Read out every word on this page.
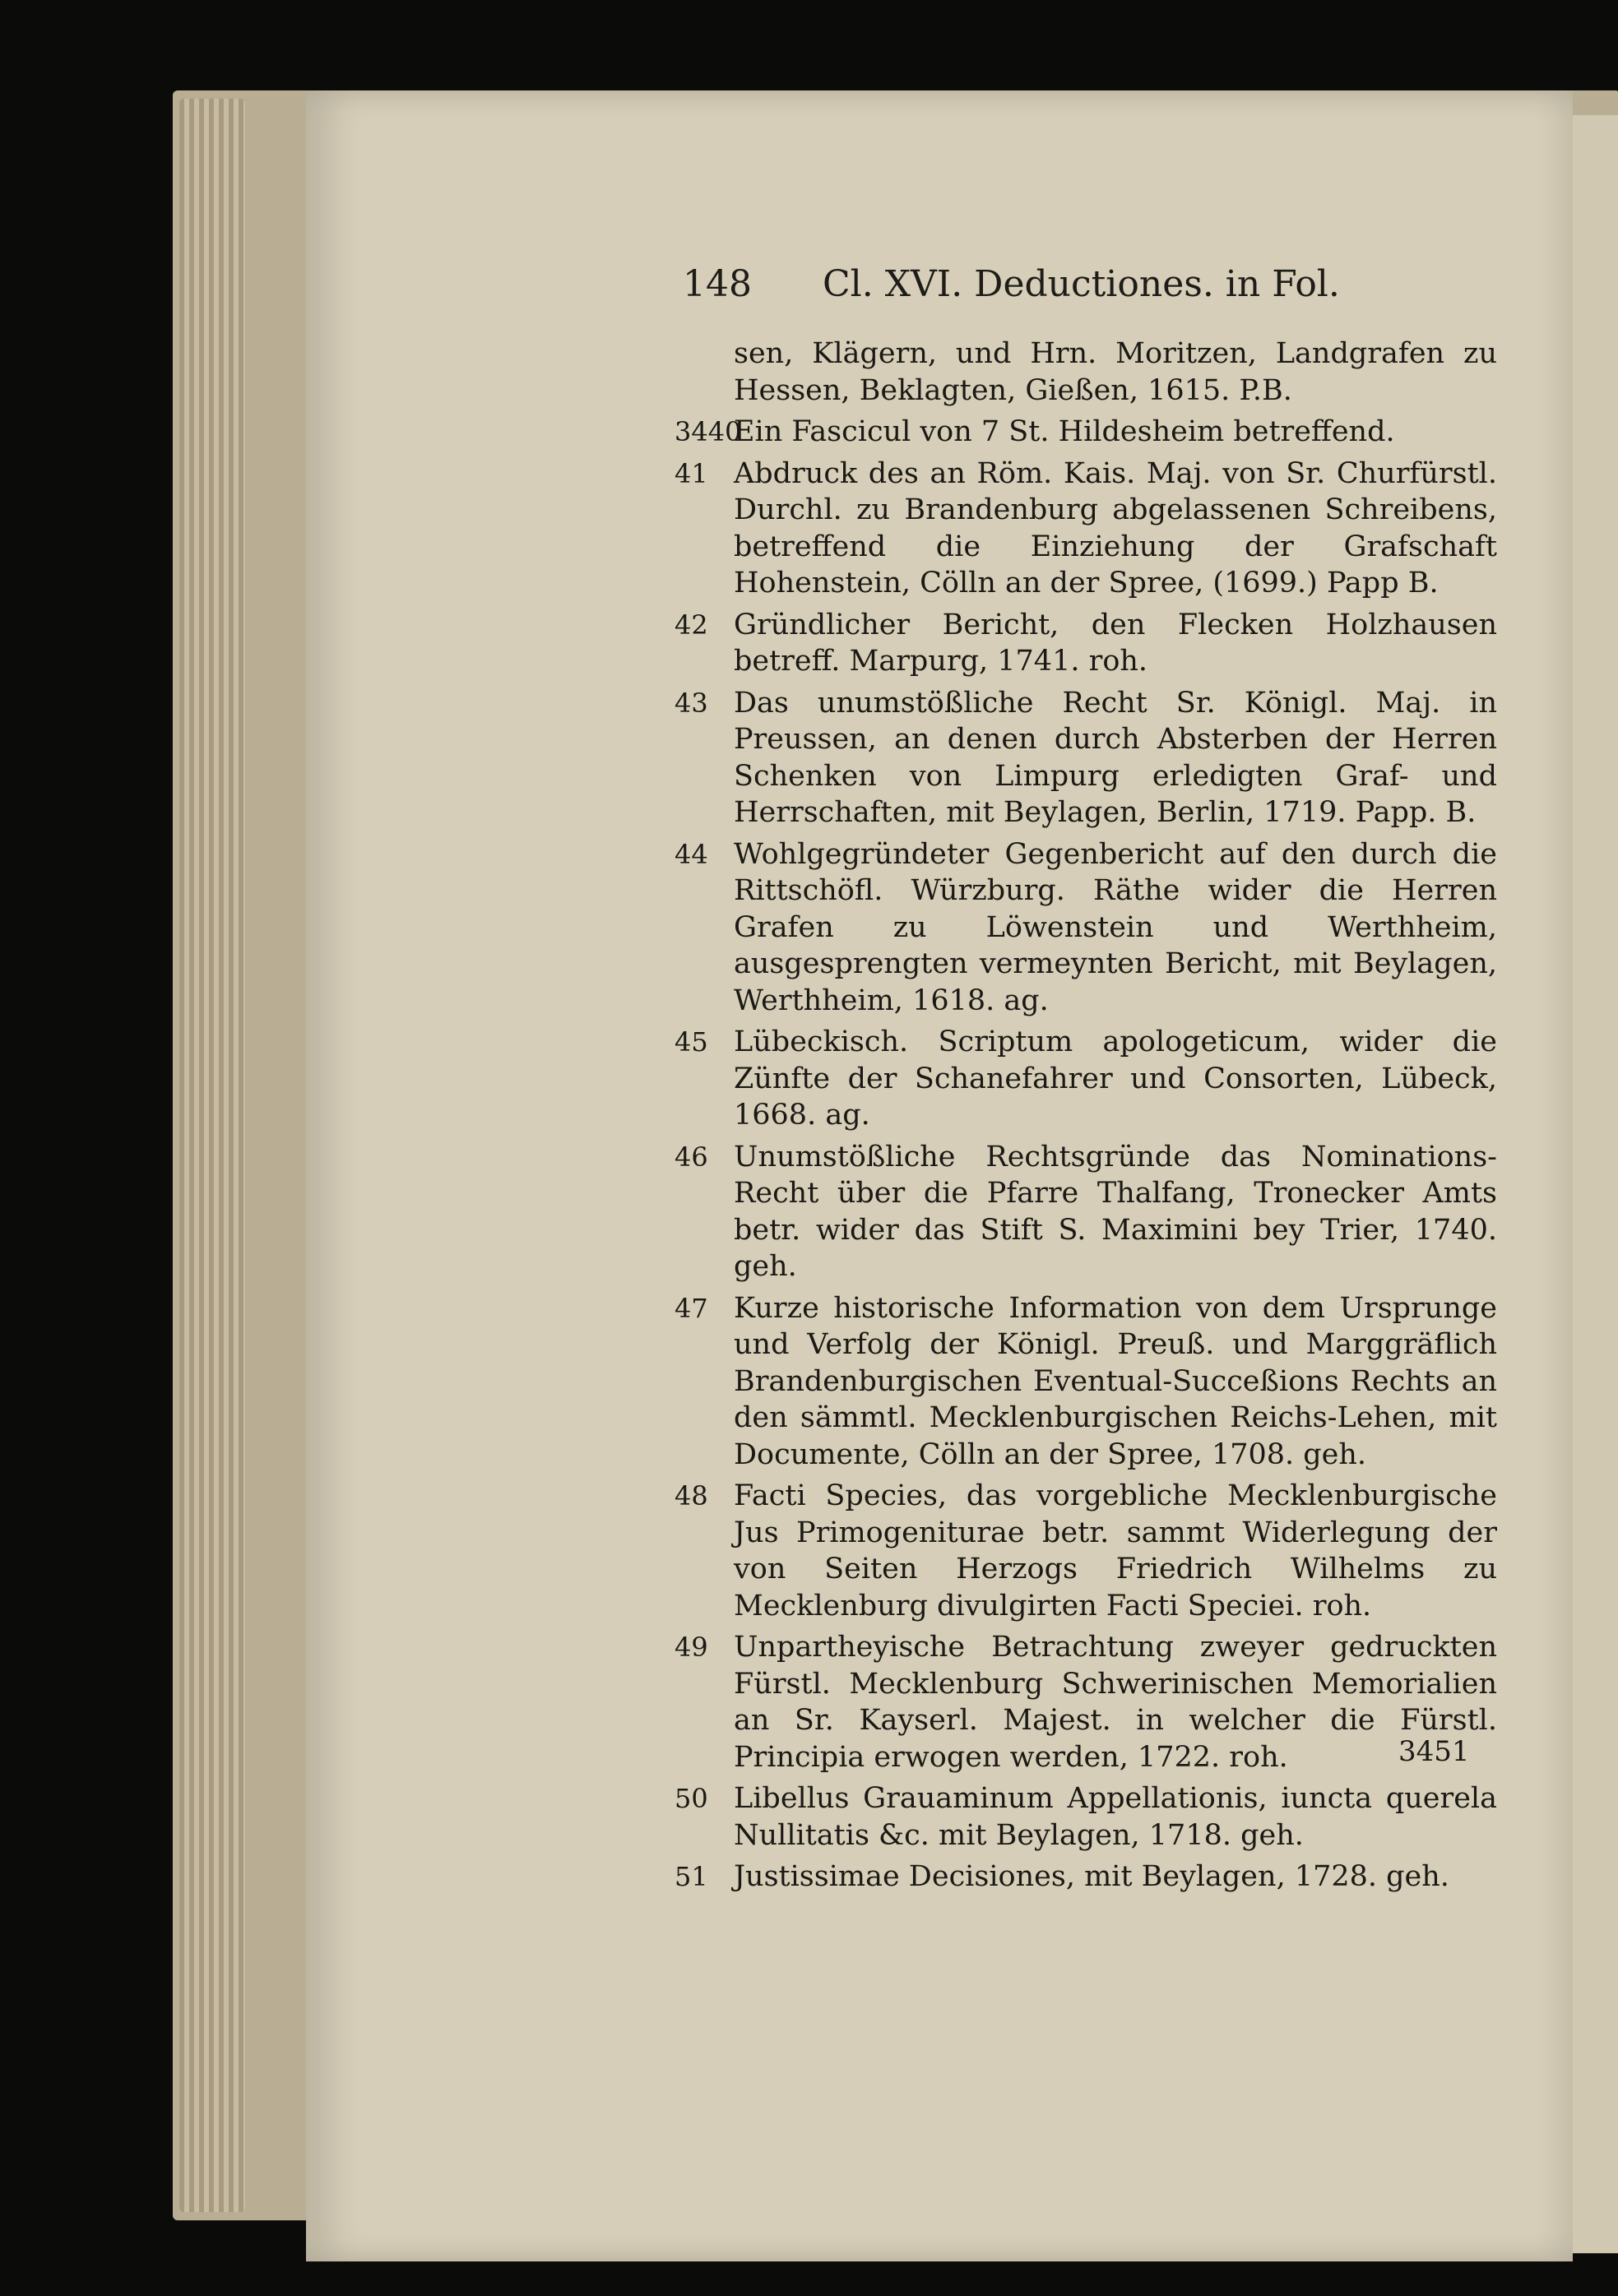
148 Cl. XVI. Deductiones. in Fol.
sen, Klägern, und Hrn. Moritzen, Landgrafen zu Hessen, Beklagten, Gießen, 1615. P.B.
3440
Ein Fascicul von 7 St. Hildesheim betreffend.
41 Abdruck des an Röm. Kais. Maj. von Sr. Churfürstl. Durchl. zu Brandenburg abgelassenen Schreibens, betreffend die Einziehung der Grafschaft Hohenstein, Cölln an der Spree, (1699.) Papp B.
42 Gründlicher Bericht, den Flecken Holzhausen betreff. Marpurg, 1741. roh.
43 Das unumstößliche Recht Sr. Königl. Maj. in Preussen, an denen durch Absterben der Herren Schenken von Limpurg erledigten Graf- und Herrschaften, mit Beylagen, Berlin, 1719. Papp. B.
44 Wohlgegründeter Gegenbericht auf den durch die Rittschöfl. Würzburg. Räthe wider die Herren Grafen zu Löwenstein und Werthheim, ausgesprengten vermeynten Bericht, mit Beylagen, Werthheim, 1618. ag.
45 Lübeckisch. Scriptum apologeticum, wider die Zünfte der Schanefahrer und Consorten, Lübeck, 1668. ag.
46 Unumstößliche Rechtsgründe das Nominations-Recht über die Pfarre Thalfang, Tronecker Amts betr. wider das Stift S. Maximini bey Trier, 1740. geh.
47 Kurze historische Information von dem Ursprunge und Verfolg der Königl. Preuß. und Marggräflich Brandenburgischen Eventual-Succeßions Rechts an den sämmtl. Mecklenburgischen Reichs-Lehen, mit Documente, Cölln an der Spree, 1708. geh.
48 Facti Species, das vorgebliche Mecklenburgische Jus Primogeniturae betr. sammt Widerlegung der von Seiten Herzogs Friedrich Wilhelms zu Mecklenburg divulgirten Facti Speciei. roh.
49 Unpartheyische Betrachtung zweyer gedruckten Fürstl. Mecklenburg Schwerinischen Memorialien an Sr. Kayserl. Majest. in welcher die Fürstl. Principia erwogen werden, 1722. roh.
50 Libellus Grauaminum Appellationis, iuncta querela Nullitatis &c. mit Beylagen, 1718. geh.
51 Justissimae Decisiones, mit Beylagen, 1728. geh.
3451
